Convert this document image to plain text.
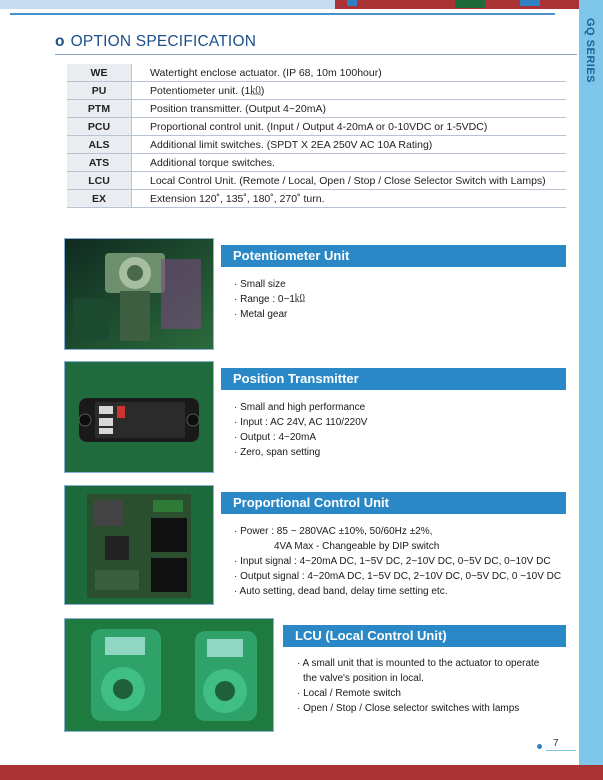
GQ SERIES
o OPTION SPECIFICATION
WE	Watertight enclose actuator. (IP 68, 10m 100hour)
PU	Potentiometer unit. (1㏀)
PTM	Position transmitter. (Output 4~20mA)
PCU	Proportional control unit. (Input / Output 4-20mA or 0-10VDC or 1-5VDC)
ALS	Additional limit switches. (SPDT X 2EA 250V AC 10A Rating)
ATS	Additional torque switches.
LCU	Local Control Unit. (Remote / Local, Open / Stop / Close Selector Switch with Lamps)
EX	Extension 120˚, 135˚, 180˚, 270˚ turn.
Potentiometer Unit
· Small size
· Range : 0~1㏀
· Metal gear
Position Transmitter
· Small and high performance
· Input : AC 24V, AC 110/220V
· Output : 4~20mA
· Zero, span setting
Proportional Control Unit
· Power : 85 ~ 280VAC ±10%, 50/60Hz ±2%,
4VA Max - Changeable by DIP switch
· Input signal : 4~20mA DC, 1~5V DC, 2~10V DC, 0~5V DC, 0~10V DC
· Output signal : 4~20mA DC, 1~5V DC, 2~10V DC, 0~5V DC, 0 ~10V DC
· Auto setting, dead band, delay time setting etc.
LCU (Local Control Unit)
· A small unit that is mounted to the actuator to operate
the valve's position in local.
· Local / Remote switch
· Open / Stop / Close selector switches with lamps
7
